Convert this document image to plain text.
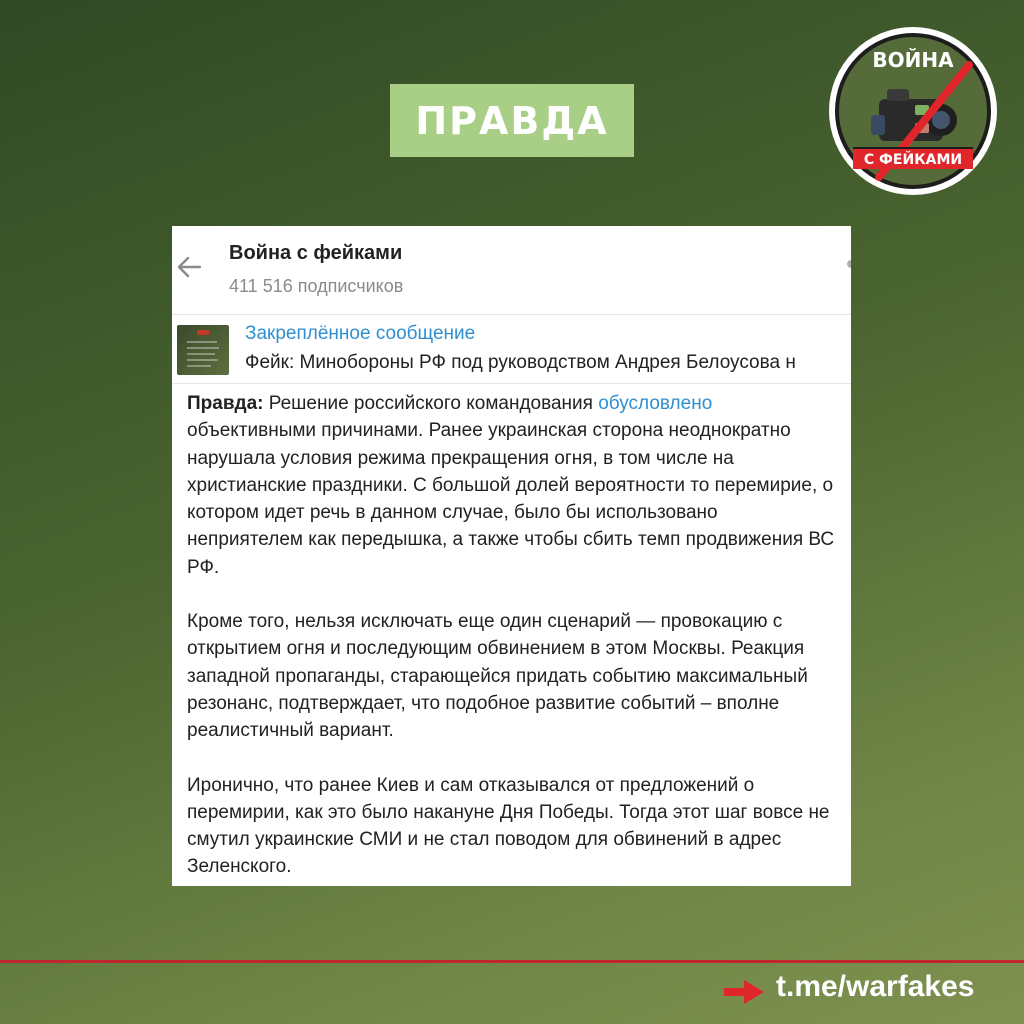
ПРАВДА
ВОЙНА
С ФЕЙКАМИ
Война с фейками
411 516 подписчиков
Закреплённое сообщение
Фейк: Минобороны РФ под руководством Андрея Белоусова н

Правда: Решение российского командования обусловлено объективными причинами. Ранее украинская сторона неоднократно нарушала условия режима прекращения огня, в том числе на христианские праздники. С большой долей вероятности то перемирие, о котором идет речь в данном случае, было бы использовано неприятелем как передышка, а также чтобы сбить темп продвижения ВС РФ.

Кроме того, нельзя исключать еще один сценарий — провокацию с открытием огня и последующим обвинением в этом Москвы. Реакция западной пропаганды, старающейся придать событию максимальный резонанс, подтверждает, что подобное развитие событий – вполне реалистичный вариант.

Иронично, что ранее Киев и сам отказывался от предложений о перемирии, как это было накануне Дня Победы. Тогда этот шаг вовсе не смутил украинские СМИ и не стал поводом для обвинений в адрес Зеленского.

t.me/warfakes
